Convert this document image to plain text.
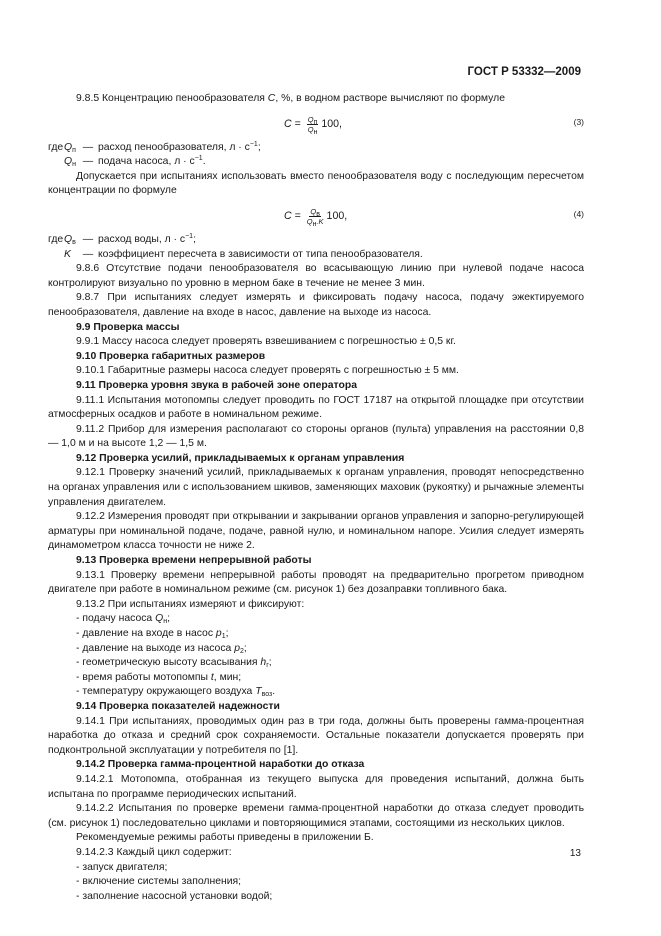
ГОСТ Р 53332—2009

9.8.5 Концентрацию пенообразователя C, %, в водном растворе вычисляют по формуле

$C = \frac{Q_п}{Q_н} 100$,	(3)
где $Q_п$ — расход пенообразователя, $л \cdot с^{-1}$;
$Q_н$ — подача насоса, $л \cdot с^{-1}$.

Допускается при испытаниях использовать вместо пенообразователя воду с последующим пересчетом концентрации по формуле

$C = \frac{Q_в}{Q_н.K} 100$,	(4)
где $Q_в$ — расход воды, $л \cdot с^{-1}$;
K	— коэффициент пересчета в зависимости от типа пенообразователя.

9.8.6 Отсутствие подачи пенообразователя во всасывающую линию при нулевой подаче насоса контролируют визуально по уровню в мерном баке в течение не менее 3 мин.

9.8.7 При испытаниях следует измерять и фиксировать подачу насоса, подачу эжектируемого пенообразователя, давление на входе в насос, давление на выходе из насоса.

9.9 Проверка массы

9.9.1 Массу насоса следует проверять взвешиванием с погрешностью ± 0,5 кг.

9.10 Проверка габаритных размеров

9.10.1 Габаритные размеры насоса следует проверять с погрешностью ± 5 мм.

9.11 Проверка уровня звука в рабочей зоне оператора

9.11.1 Испытания мотопомпы следует проводить по ГОСТ 17187 на открытой площадке при отсутствии атмосферных осадков и работе в номинальном режиме.

9.11.2 Прибор для измерения располагают со стороны органов (пульта) управления на расстоянии 0,8 — 1,0 м и на высоте 1,2 — 1,5 м.

9.12 Проверка усилий, прикладываемых к органам управления

9.12.1 Проверку значений усилий, прикладываемых к органам управления, проводят непосредственно на органах управления или с использованием шкивов, заменяющих маховик (рукоятку) и рычажные элементы управления двигателем.

9.12.2 Измерения проводят при открывании и закрывании органов управления и запорно-регулирующей арматуры при номинальной подаче, подаче, равной нулю, и номинальном напоре. Усилия следует измерять динамометром класса точности не ниже 2.

9.13 Проверка времени непрерывной работы

9.13.1 Проверку времени непрерывной работы проводят на предварительно прогретом приводном двигателе при работе в номинальном режиме (см. рисунок 1) без дозаправки топливного бака.

9.13.2 При испытаниях измеряют и фиксируют:

- подачу насоса $Q_н$;

- давление на входе в насос $p_1$;

- давление на выходе из насоса $p_2$;

- геометрическую высоту всасывания $h_г$;

- время работы мотопомпы t, мин;

- температуру окружающего воздуха $T_{воз}$.

9.14 Проверка показателей надежности

9.14.1 При испытаниях, проводимых один раз в три года, должны быть проверены гамма-процентная наработка до отказа и средний срок сохраняемости. Остальные показатели допускается проверять при подконтрольной эксплуатации у потребителя по [1].

9.14.2 Проверка гамма-процентной наработки до отказа

9.14.2.1 Мотопомпа, отобранная из текущего выпуска для проведения испытаний, должна быть испытана по программе периодических испытаний.

9.14.2.2 Испытания по проверке времени гамма-процентной наработки до отказа следует проводить (см. рисунок 1) последовательно циклами и повторяющимися этапами, состоящими из нескольких циклов.

Рекомендуемые режимы работы приведены в приложении Б.

9.14.2.3 Каждый цикл содержит:

- запуск двигателя;

- включение системы заполнения;

- заполнение насосной установки водой;

13
